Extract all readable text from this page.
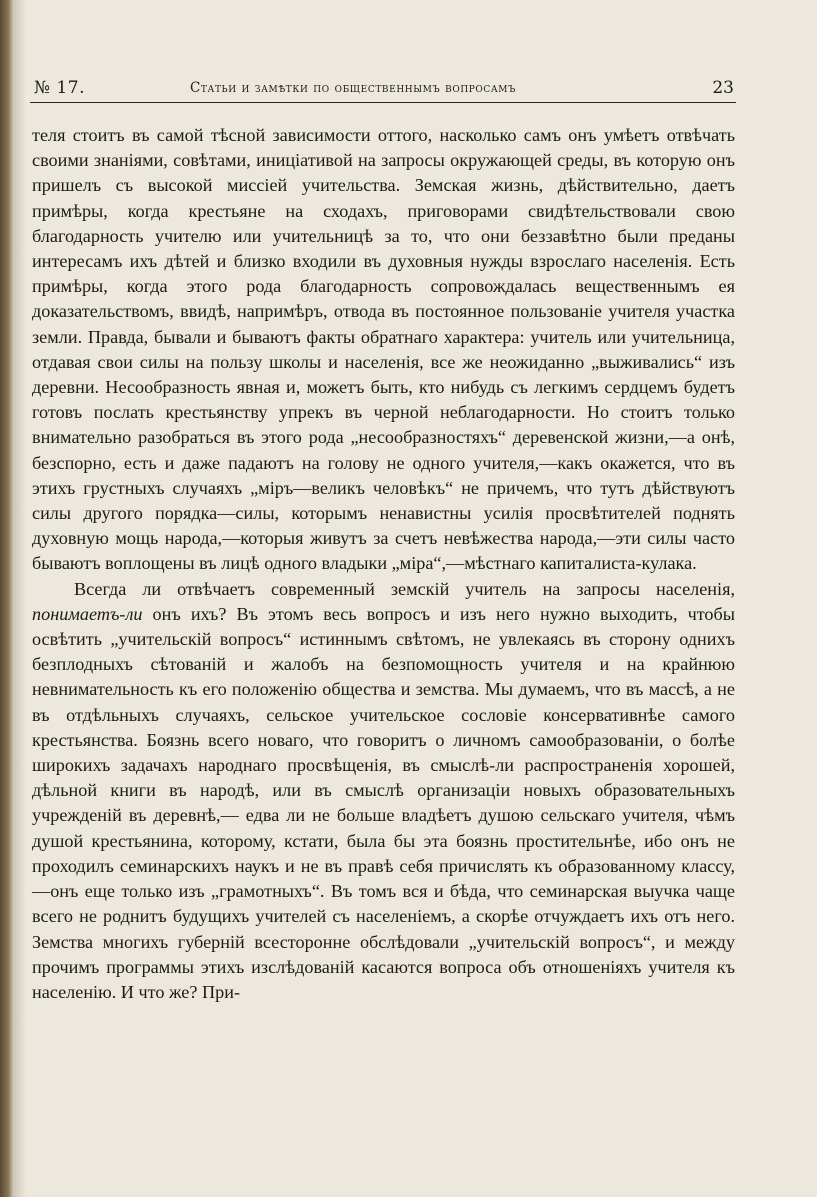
№ 17.	Статьи и замѣтки по общественнымъ вопросамъ	23

теля стоитъ въ самой тѣсной зависимости оттого, насколько самъ онъ умѣетъ отвѣчать своими знаніями, совѣтами, иниціативой на запросы окружающей среды, въ которую онъ пришелъ съ высокой миссіей учительства. Земская жизнь, дѣйствительно, даетъ примѣры, когда крестьяне на сходахъ, приговорами свидѣтельствовали свою благодарность учителю или учительницѣ за то, что они беззавѣтно были преданы интересамъ ихъ дѣтей и близко входили въ духовныя нужды взрослаго населенія. Есть примѣры, когда этого рода благодарность сопровождалась вещественнымъ ея доказательствомъ, ввидѣ, напримѣръ, отвода въ постоянное пользованіе учителя участка земли. Правда, бывали и бываютъ факты обратнаго характера: учитель или учительница, отдавая свои силы на пользу школы и населенія, все же неожиданно „выживались“ изъ деревни. Несообразность явная и, можетъ быть, кто нибудь съ легкимъ сердцемъ будетъ готовъ послать крестьянству упрекъ въ черной неблагодарности. Но стоитъ только внимательно разобраться въ этого рода „несообразностяхъ“ деревенской жизни,—а онѣ, безспорно, есть и даже падаютъ на голову не одного учителя,—какъ окажется, что въ этихъ грустныхъ случаяхъ „міръ—великъ человѣкъ“ не причемъ, что тутъ дѣйствуютъ силы другого порядка—силы, которымъ ненавистны усилія просвѣтителей поднять духовную мощь народа,—которыя живутъ за счетъ невѣжества народа,—эти силы часто бываютъ воплощены въ лицѣ одного владыки „міра“,—мѣстнаго капиталиста-кулака.

Всегда ли отвѣчаетъ современный земскій учитель на запросы населенія, понимаетъ-ли онъ ихъ? Въ этомъ весь вопросъ и изъ него нужно выходить, чтобы освѣтить „учительскій вопросъ“ истиннымъ свѣтомъ, не увлекаясь въ сторону одниxъ безплодныхъ сѣтованій и жалобъ на безпомощность учителя и на крайнюю невнимательность къ его положенію общества и земства. Мы думаемъ, что въ массѣ, а не въ отдѣльныхъ случаяхъ, сельское учительское сословіе консервативнѣе самого крестьянства. Боязнь всего новаго, что говоритъ о личномъ самообразованіи, о болѣе широкихъ задачахъ народнаго просвѣщенія, въ смыслѣ-ли распространенія хорошей, дѣльной книги въ народѣ, или въ смыслѣ организаціи новыхъ образовательныхъ учрежденій въ деревнѣ,— едва ли не больше владѣетъ душою сельскаго учителя, чѣмъ душой крестьянина, которому, кстати, была бы эта боязнь простительнѣе, ибо онъ не проходилъ семинарскихъ наукъ и не въ правѣ себя причислять къ образованному классу,—онъ еще только изъ „грамотныхъ“. Въ томъ вся и бѣда, что семинарская выучка чаще всего не роднитъ будущихъ учителей съ населеніемъ, а скорѣе отчуждаетъ ихъ отъ него. Земства многихъ губерній всесторонне обслѣдовали „учительскій вопросъ“, и между прочимъ программы этихъ изслѣдованій касаются вопроса объ отношеніяхъ учителя къ населенію. И что же? При-
